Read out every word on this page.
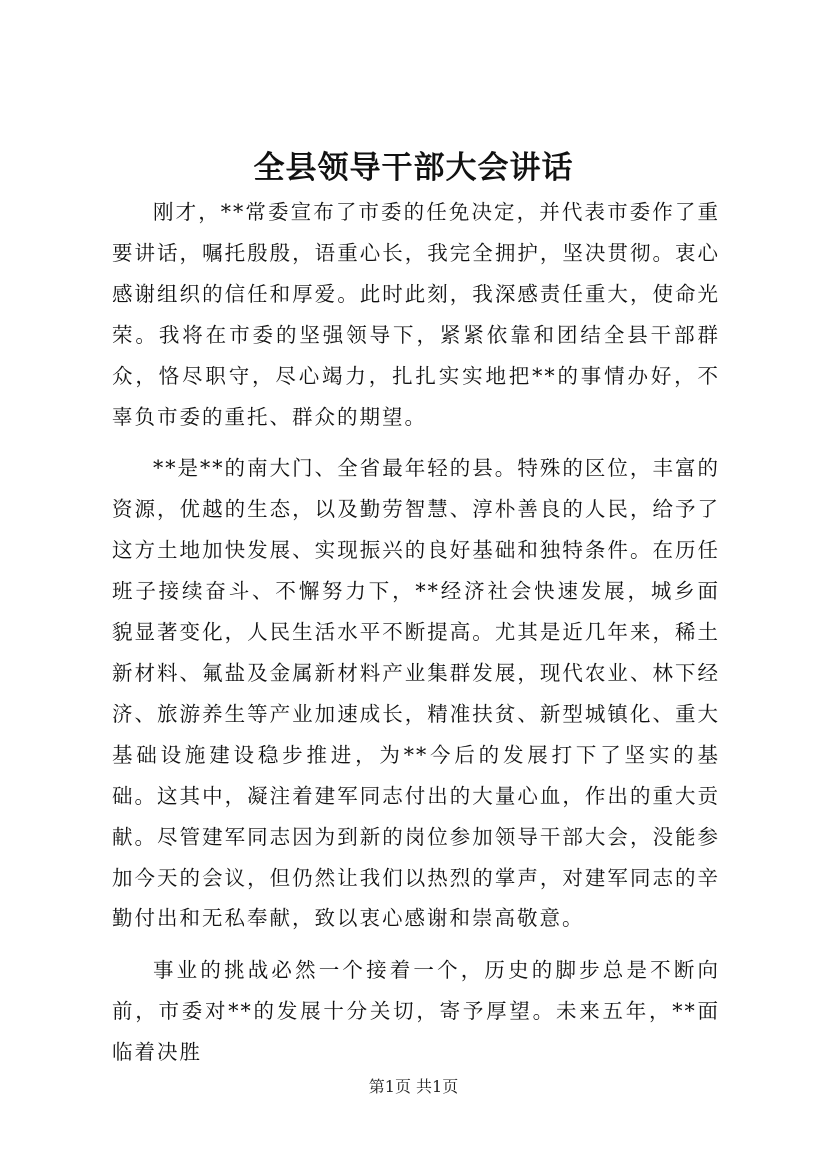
全县领导干部大会讲话

刚才，**常委宣布了市委的任免决定，并代表市委作了重要讲话，嘱托殷殷，语重心长，我完全拥护，坚决贯彻。衷心感谢组织的信任和厚爱。此时此刻，我深感责任重大，使命光荣。我将在市委的坚强领导下，紧紧依靠和团结全县干部群众，恪尽职守，尽心竭力，扎扎实实地把**的事情办好，不辜负市委的重托、群众的期望。

**是**的南大门、全省最年轻的县。特殊的区位，丰富的资源，优越的生态，以及勤劳智慧、淳朴善良的人民，给予了这方土地加快发展、实现振兴的良好基础和独特条件。在历任班子接续奋斗、不懈努力下，**经济社会快速发展，城乡面貌显著变化，人民生活水平不断提高。尤其是近几年来，稀土新材料、氟盐及金属新材料产业集群发展，现代农业、林下经济、旅游养生等产业加速成长，精准扶贫、新型城镇化、重大基础设施建设稳步推进，为**今后的发展打下了坚实的基础。这其中，凝注着建军同志付出的大量心血，作出的重大贡献。尽管建军同志因为到新的岗位参加领导干部大会，没能参加今天的会议，但仍然让我们以热烈的掌声，对建军同志的辛勤付出和无私奉献，致以衷心感谢和崇高敬意。

事业的挑战必然一个接着一个，历史的脚步总是不断向前，市委对**的发展十分关切，寄予厚望。未来五年，**面临着决胜

第1页 共1页
